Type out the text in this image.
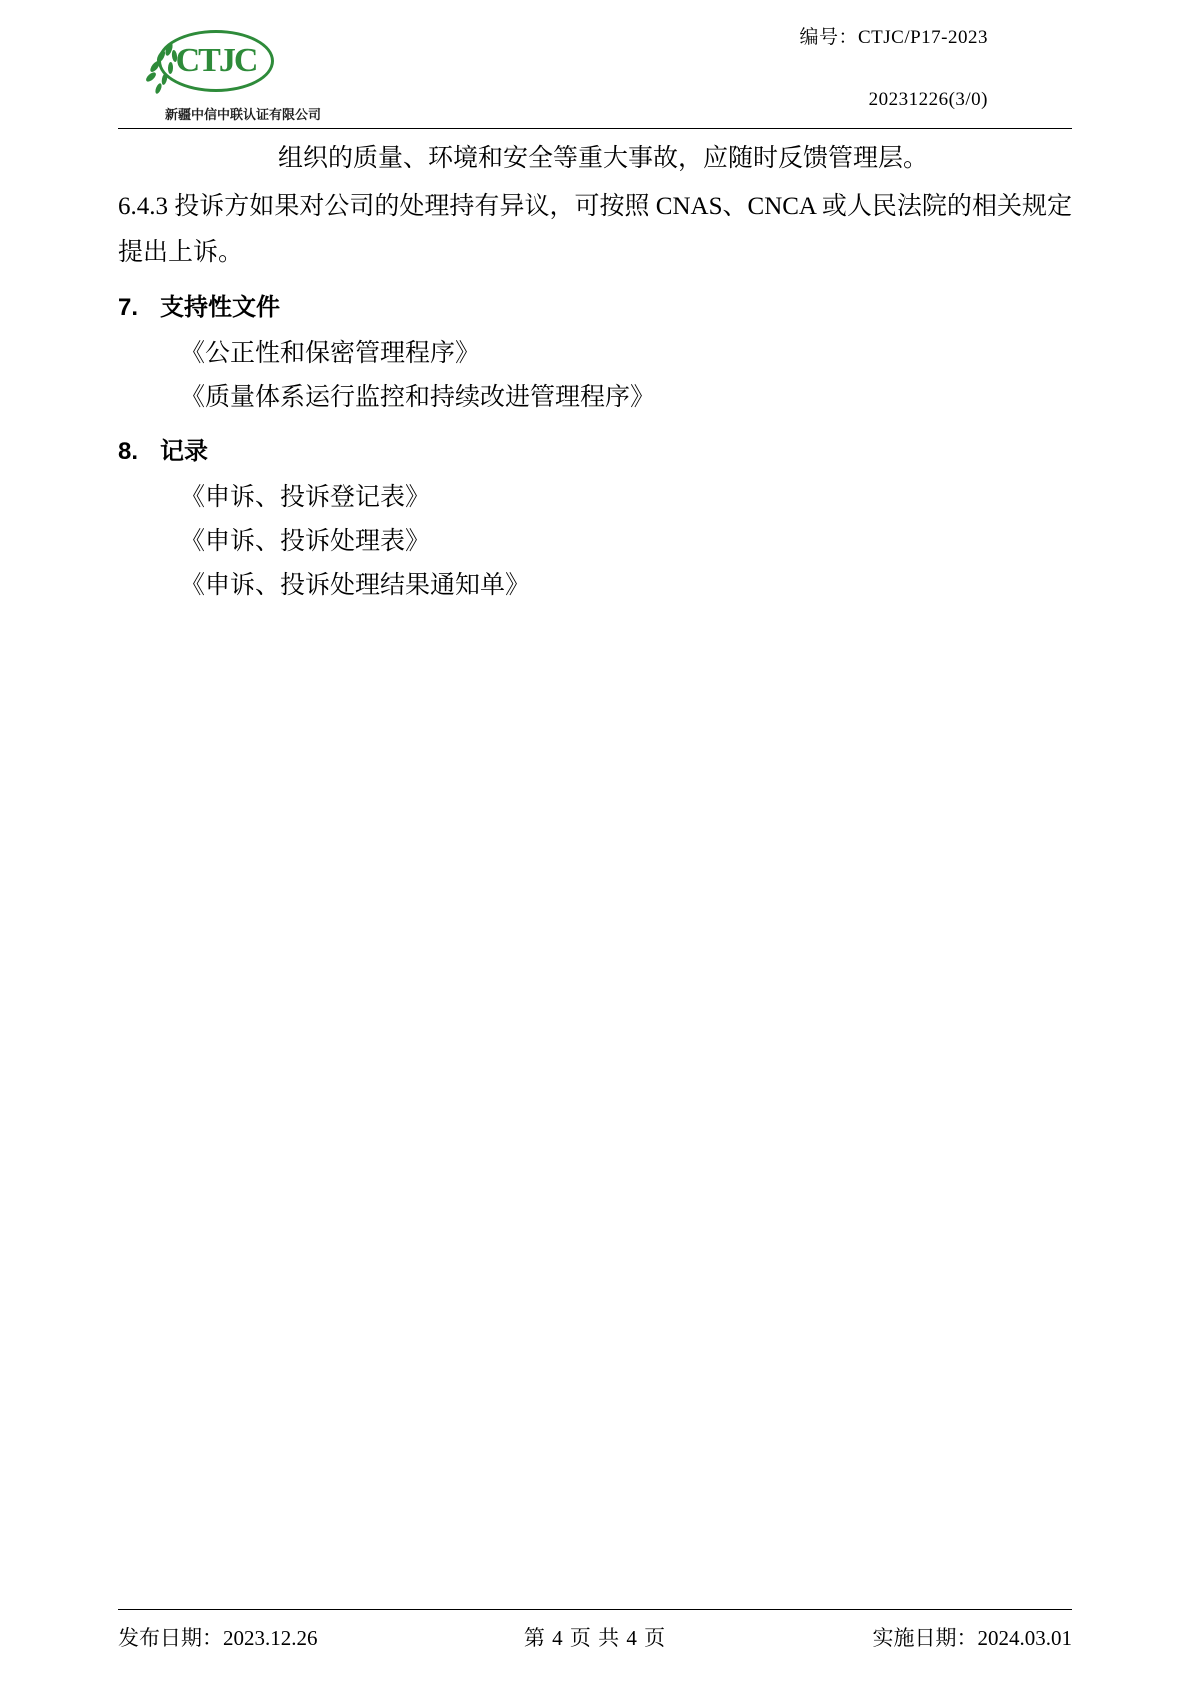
CTJC
新疆中信中联认证有限公司
编号：CTJC/P17-2023
20231226(3/0)

组织的质量、环境和安全等重大事故，应随时反馈管理层。

6.4.3 投诉方如果对公司的处理持有异议，可按照 CNAS、CNCA 或人民法院的相关规定提出上诉。

7. 支持性文件

《公正性和保密管理程序》

《质量体系运行监控和持续改进管理程序》

8. 记录

《申诉、投诉登记表》

《申诉、投诉处理表》

《申诉、投诉处理结果通知单》

发布日期：2023.12.26	第 4 页 共 4 页	实施日期：2024.03.01
